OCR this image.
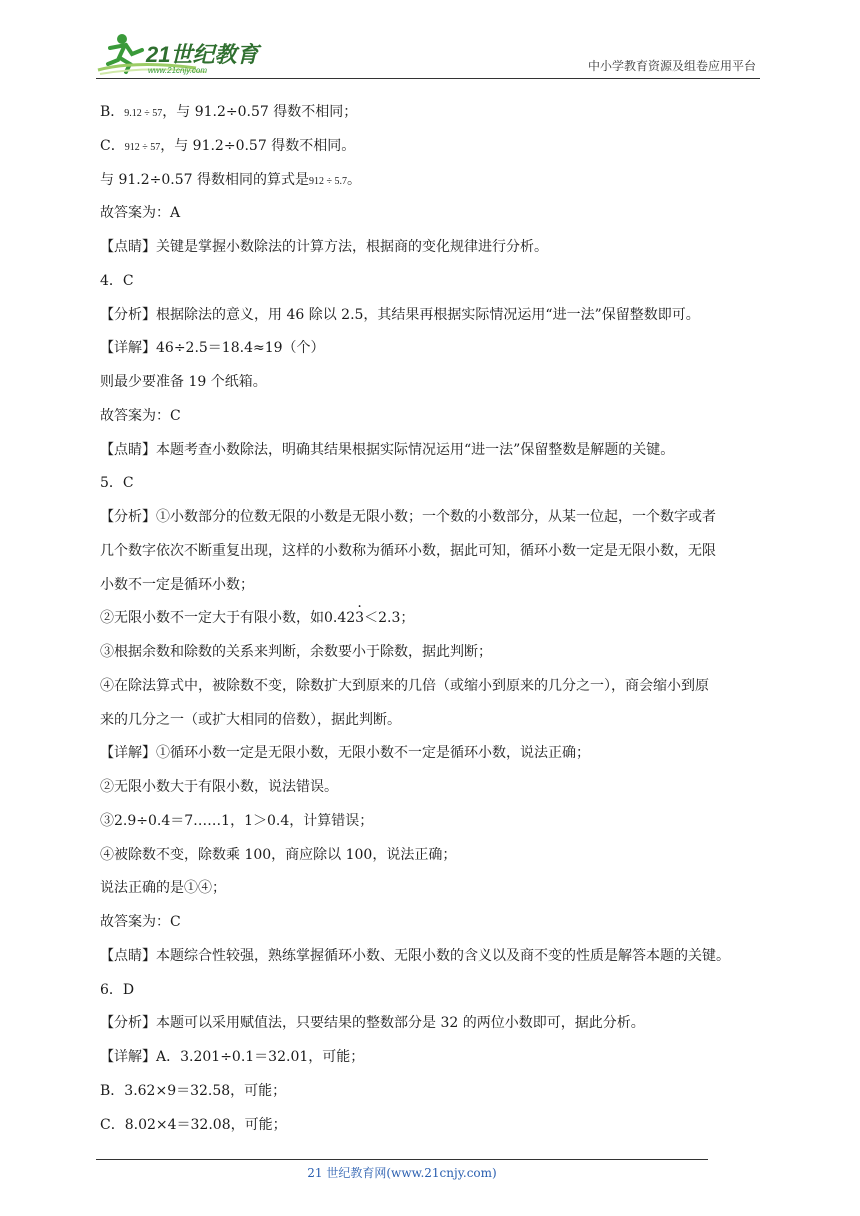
21世纪教育
www.21cnjy.com	中小学教育资源及组卷应用平台
B．9.12 ÷ 57，与 91.2÷0.57 得数不相同；
C．912 ÷ 57，与 91.2÷0.57 得数不相同。
与 91.2÷0.57 得数相同的算式是912 ÷ 5.7。
故答案为：A
【点睛】关键是掌握小数除法的计算方法，根据商的变化规律进行分析。
4．C
【分析】根据除法的意义，用 46 除以 2.5，其结果再根据实际情况运用“进一法”保留整数即可。
【详解】46÷2.5＝18.4≈19（个）
则最少要准备 19 个纸箱。
故答案为：C
【点睛】本题考查小数除法，明确其结果根据实际情况运用“进一法”保留整数是解题的关键。
5．C
【分析】①小数部分的位数无限的小数是无限小数；一个数的小数部分，从某一位起，一个数字或者
几个数字依次不断重复出现，这样的小数称为循环小数，据此可知，循环小数一定是无限小数，无限
小数不一定是循环小数；
②无限小数不一定大于有限小数，如0.423 ·＜2.3；
③根据余数和除数的关系来判断，余数要小于除数，据此判断；
④在除法算式中，被除数不变，除数扩大到原来的几倍（或缩小到原来的几分之一），商会缩小到原
来的几分之一（或扩大相同的倍数），据此判断。
【详解】①循环小数一定是无限小数，无限小数不一定是循环小数，说法正确；
②无限小数大于有限小数，说法错误。
③2.9÷0.4＝7……1，1＞0.4，计算错误；
④被除数不变，除数乘 100，商应除以 100，说法正确；
说法正确的是①④；
故答案为：C
【点睛】本题综合性较强，熟练掌握循环小数、无限小数的含义以及商不变的性质是解答本题的关键。
6．D
【分析】本题可以采用赋值法，只要结果的整数部分是 32 的两位小数即可，据此分析。
【详解】A．3.201÷0.1＝32.01，可能；
B．3.62×9＝32.58，可能；
C．8.02×4＝32.08，可能；
21 世纪教育网(www.21cnjy.com)
